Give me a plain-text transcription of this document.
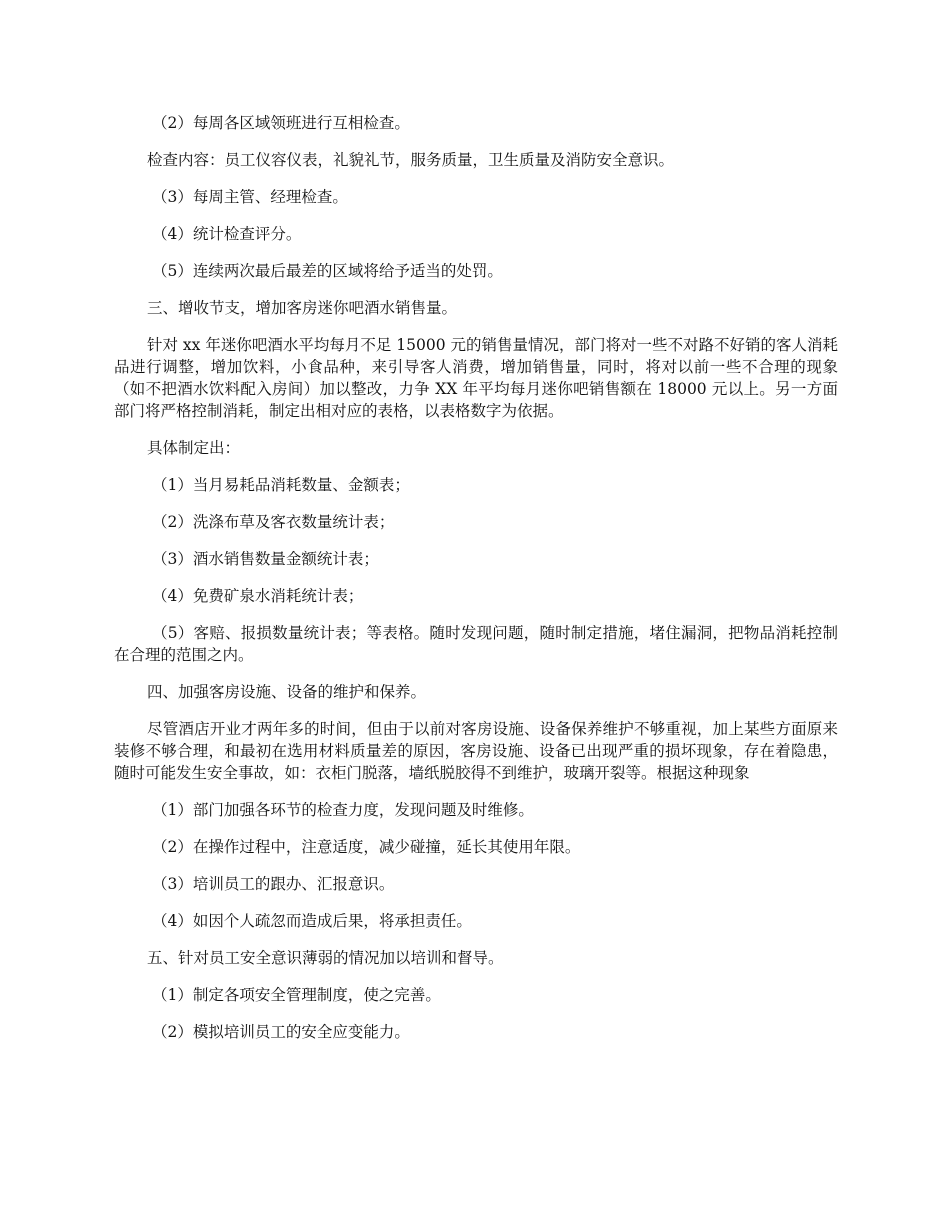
（2）每周各区域领班进行互相检查。

检查内容：员工仪容仪表，礼貌礼节，服务质量，卫生质量及消防安全意识。

（3）每周主管、经理检查。

（4）统计检查评分。

（5）连续两次最后最差的区域将给予适当的处罚。

三、增收节支，增加客房迷你吧酒水销售量。

针对 xx 年迷你吧酒水平均每月不足 15000 元的销售量情况，部门将对一些不对路不好销的客人消耗品进行调整，增加饮料，小食品种，来引导客人消费，增加销售量，同时，将对以前一些不合理的现象（如不把酒水饮料配入房间）加以整改，力争 XX 年平均每月迷你吧销售额在 18000 元以上。另一方面部门将严格控制消耗，制定出相对应的表格，以表格数字为依据。

具体制定出：

（1）当月易耗品消耗数量、金额表；

（2）洗涤布草及客衣数量统计表；

（3）酒水销售数量金额统计表；

（4）免费矿泉水消耗统计表；

（5）客赔、报损数量统计表；等表格。随时发现问题，随时制定措施，堵住漏洞，把物品消耗控制在合理的范围之内。

四、加强客房设施、设备的维护和保养。

尽管酒店开业才两年多的时间，但由于以前对客房设施、设备保养维护不够重视，加上某些方面原来装修不够合理，和最初在选用材料质量差的原因，客房设施、设备已出现严重的损坏现象，存在着隐患，随时可能发生安全事故，如：衣柜门脱落，墙纸脱胶得不到维护，玻璃开裂等。根据这种现象

（1）部门加强各环节的检查力度，发现问题及时维修。

（2）在操作过程中，注意适度，减少碰撞，延长其使用年限。

（3）培训员工的跟办、汇报意识。

（4）如因个人疏忽而造成后果，将承担责任。

五、针对员工安全意识薄弱的情况加以培训和督导。

（1）制定各项安全管理制度，使之完善。

（2）模拟培训员工的安全应变能力。
